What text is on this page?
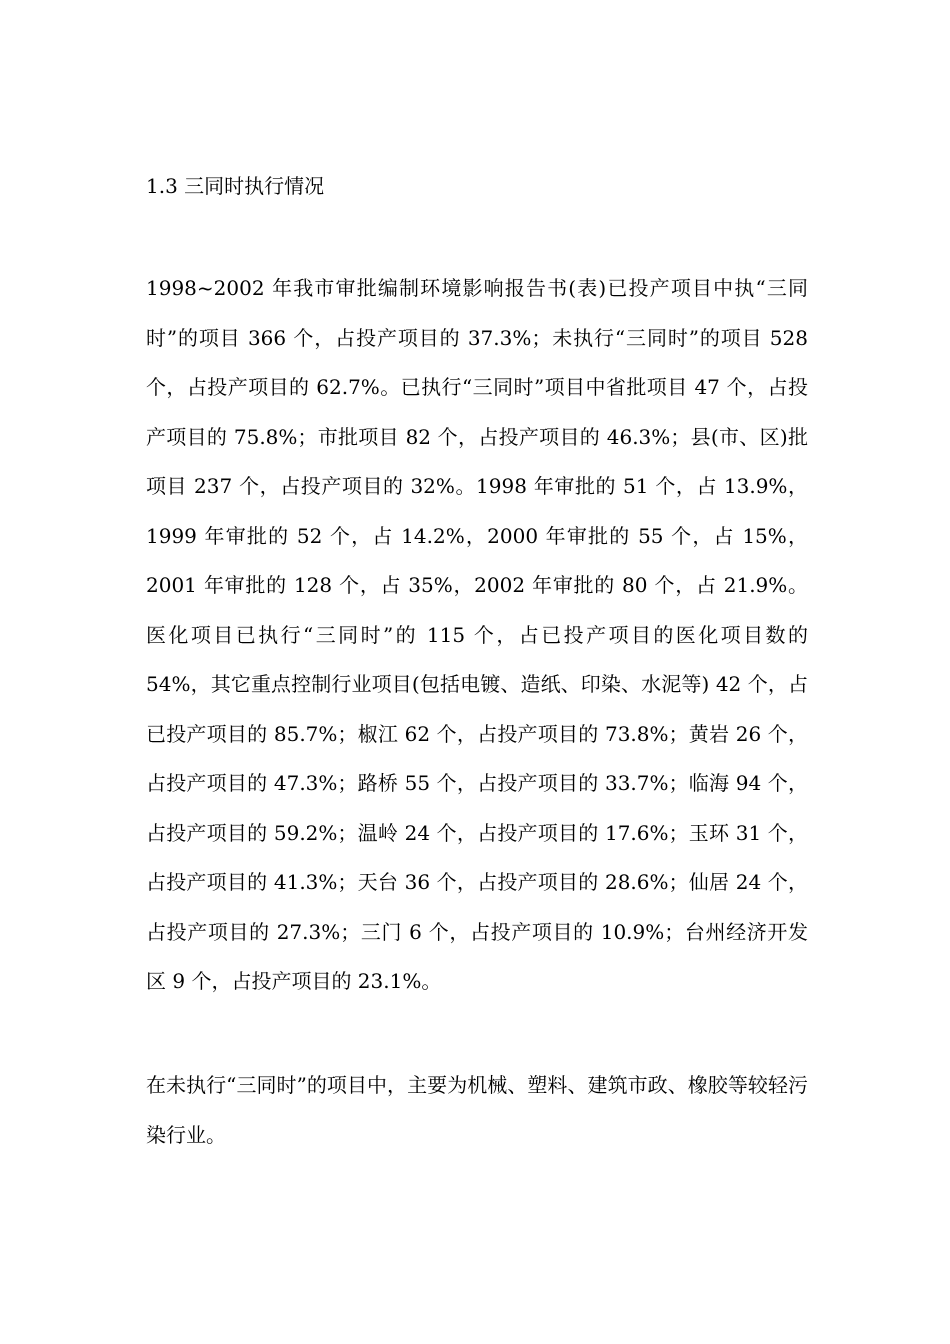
1.3 三同时执行情况

1998~2002 年我市审批编制环境影响报告书(表)已投产项目中执“三同时”的项目 366 个，占投产项目的 37.3%；未执行“三同时”的项目 528 个，占投产项目的 62.7%。已执行“三同时”项目中省批项目 47 个，占投产项目的 75.8%；市批项目 82 个，占投产项目的 46.3%；县(市、区)批项目 237 个，占投产项目的 32%。1998 年审批的 51 个，占 13.9%，1999 年审批的 52 个，占 14.2%，2000 年审批的 55 个，占 15%，2001 年审批的 128 个，占 35%，2002 年审批的 80 个，占 21.9%。医化项目已执行“三同时”的 115 个，占已投产项目的医化项目数的 54%，其它重点控制行业项目(包括电镀、造纸、印染、水泥等) 42 个，占已投产项目的 85.7%；椒江 62 个，占投产项目的 73.8%；黄岩 26 个，占投产项目的 47.3%；路桥 55 个，占投产项目的 33.7%；临海 94 个，占投产项目的 59.2%；温岭 24 个，占投产项目的 17.6%；玉环 31 个，占投产项目的 41.3%；天台 36 个，占投产项目的 28.6%；仙居 24 个，占投产项目的 27.3%；三门 6 个，占投产项目的 10.9%；台州经济开发区 9 个，占投产项目的 23.1%。

在未执行“三同时”的项目中，主要为机械、塑料、建筑市政、橡胶等较轻污染行业。
